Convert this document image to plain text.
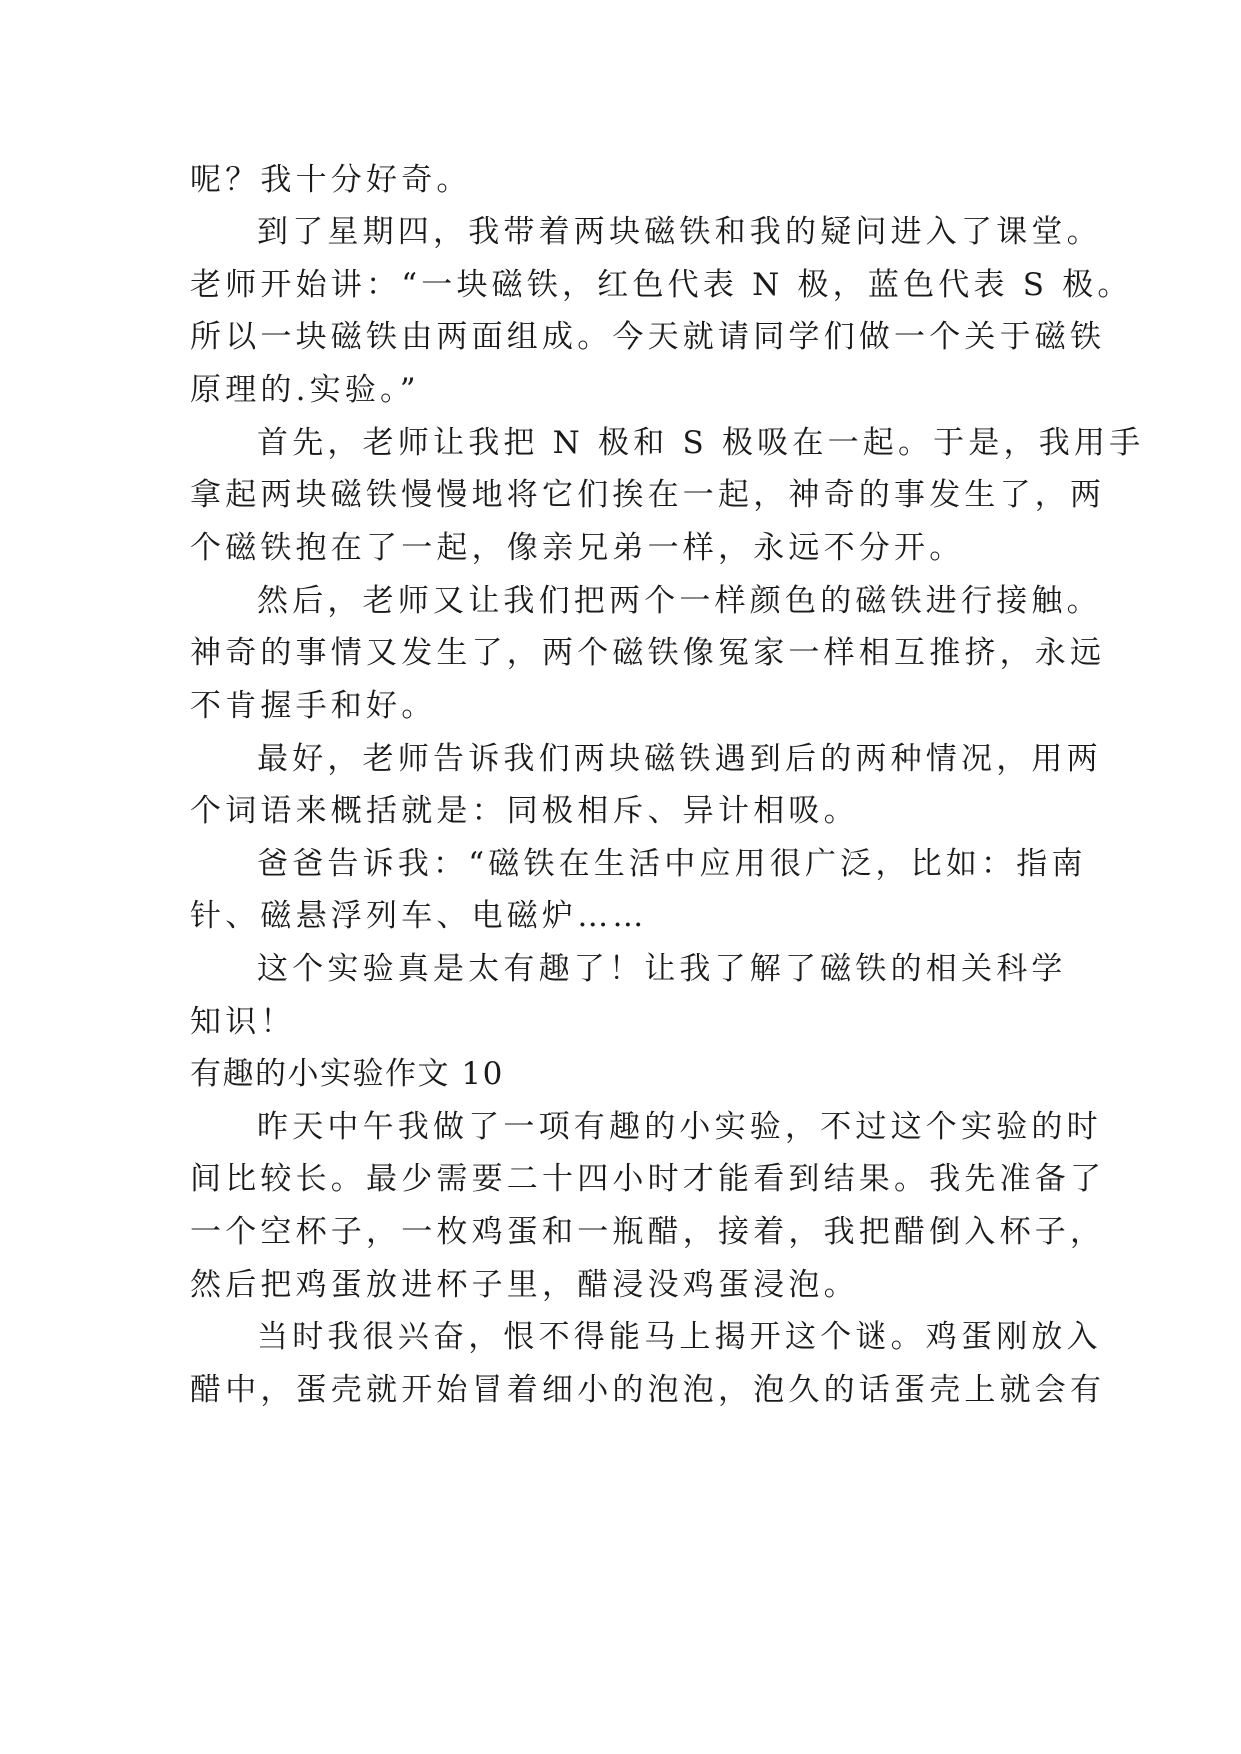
呢？我十分好奇。
到了星期四，我带着两块磁铁和我的疑问进入了课堂。
老师开始讲：“一块磁铁，红色代表 N 极，蓝色代表 S 极。
所以一块磁铁由两面组成。今天就请同学们做一个关于磁铁
原理的.实验。”
首先，老师让我把 N 极和 S 极吸在一起。于是，我用手
拿起两块磁铁慢慢地将它们挨在一起，神奇的事发生了，两
个磁铁抱在了一起，像亲兄弟一样，永远不分开。
然后，老师又让我们把两个一样颜色的磁铁进行接触。
神奇的事情又发生了，两个磁铁像冤家一样相互推挤，永远
不肯握手和好。
最好，老师告诉我们两块磁铁遇到后的两种情况，用两
个词语来概括就是：同极相斥、异计相吸。
爸爸告诉我：“磁铁在生活中应用很广泛，比如：指南
针、磁悬浮列车、电磁炉……
这个实验真是太有趣了！让我了解了磁铁的相关科学
知识！
有趣的小实验作文 10
昨天中午我做了一项有趣的小实验，不过这个实验的时
间比较长。最少需要二十四小时才能看到结果。我先准备了
一个空杯子，一枚鸡蛋和一瓶醋，接着，我把醋倒入杯子，
然后把鸡蛋放进杯子里，醋浸没鸡蛋浸泡。
当时我很兴奋，恨不得能马上揭开这个谜。鸡蛋刚放入
醋中，蛋壳就开始冒着细小的泡泡，泡久的话蛋壳上就会有
